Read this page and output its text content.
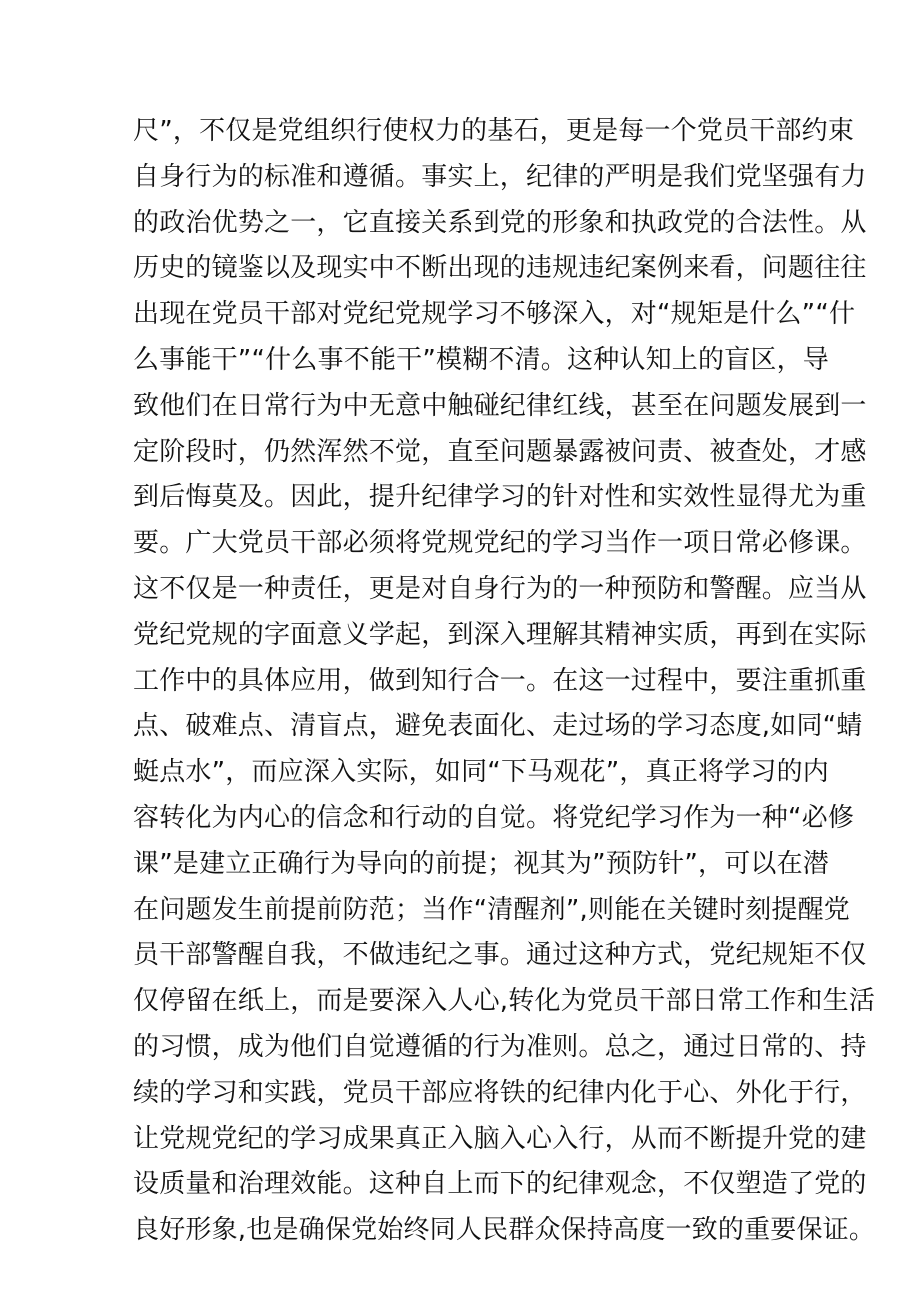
尺”，不仅是党组织行使权力的基石，更是每一个党员干部约束
自身行为的标准和遵循。事实上，纪律的严明是我们党坚强有力
的政治优势之一，它直接关系到党的形象和执政党的合法性。从
历史的镜鉴以及现实中不断出现的违规违纪案例来看，问题往往
出现在党员干部对党纪党规学习不够深入，对“规矩是什么”“什
么事能干”“什么事不能干”模糊不清。这种认知上的盲区，导
致他们在日常行为中无意中触碰纪律红线，甚至在问题发展到一
定阶段时，仍然浑然不觉，直至问题暴露被问责、被查处，才感
到后悔莫及。因此，提升纪律学习的针对性和实效性显得尤为重
要。广大党员干部必须将党规党纪的学习当作一项日常必修课。
这不仅是一种责任，更是对自身行为的一种预防和警醒。应当从
党纪党规的字面意义学起，到深入理解其精神实质，再到在实际
工作中的具体应用，做到知行合一。在这一过程中，要注重抓重
点、破难点、清盲点，避免表面化、走过场的学习态度,如同“蜻
蜓点水”，而应深入实际，如同“下马观花”，真正将学习的内
容转化为内心的信念和行动的自觉。将党纪学习作为一种“必修
课”是建立正确行为导向的前提；视其为”预防针”，可以在潜
在问题发生前提前防范；当作“清醒剂”,则能在关键时刻提醒党
员干部警醒自我，不做违纪之事。通过这种方式，党纪规矩不仅
仅停留在纸上，而是要深入人心,转化为党员干部日常工作和生活
的习惯，成为他们自觉遵循的行为准则。总之，通过日常的、持
续的学习和实践，党员干部应将铁的纪律内化于心、外化于行，
让党规党纪的学习成果真正入脑入心入行，从而不断提升党的建
设质量和治理效能。这种自上而下的纪律观念，不仅塑造了党的
良好形象,也是确保党始终同人民群众保持高度一致的重要保证。
